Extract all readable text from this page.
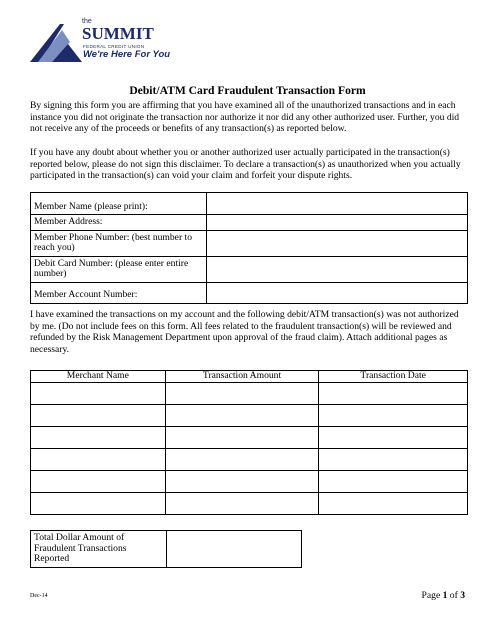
the
SUMMIT
FEDERAL CREDIT UNION
We're Here For You
Debit/ATM Card Fraudulent Transaction Form

By signing this form you are affirming that you have examined all of the unauthorized transactions and in each instance you did not originate the transaction nor authorize it nor did any other authorized user. Further, you did not receive any of the proceeds or benefits of any transaction(s) as reported below.

If you have any doubt about whether you or another authorized user actually participated in the transaction(s) reported below, please do not sign this disclaimer. To declare a transaction(s) as unauthorized when you actually participated in the transaction(s) can void your claim and forfeit your dispute rights.

Member Name (please print):	
Member Address:	
Member Phone Number: (best number to reach you)	
Debit Card Number: (please enter entire number)	
Member Account Number:	

I have examined the transactions on my account and the following debit/ATM transaction(s) was not authorized by me. (Do not include fees on this form. All fees related to the fraudulent transaction(s) will be reviewed and refunded by the Risk Management Department upon approval of the fraud claim). Attach additional pages as necessary.

Merchant Name	Transaction Amount	Transaction Date

Total Dollar Amount of Fraudulent Transactions Reported	
Dec-14	Page 1 of 3
